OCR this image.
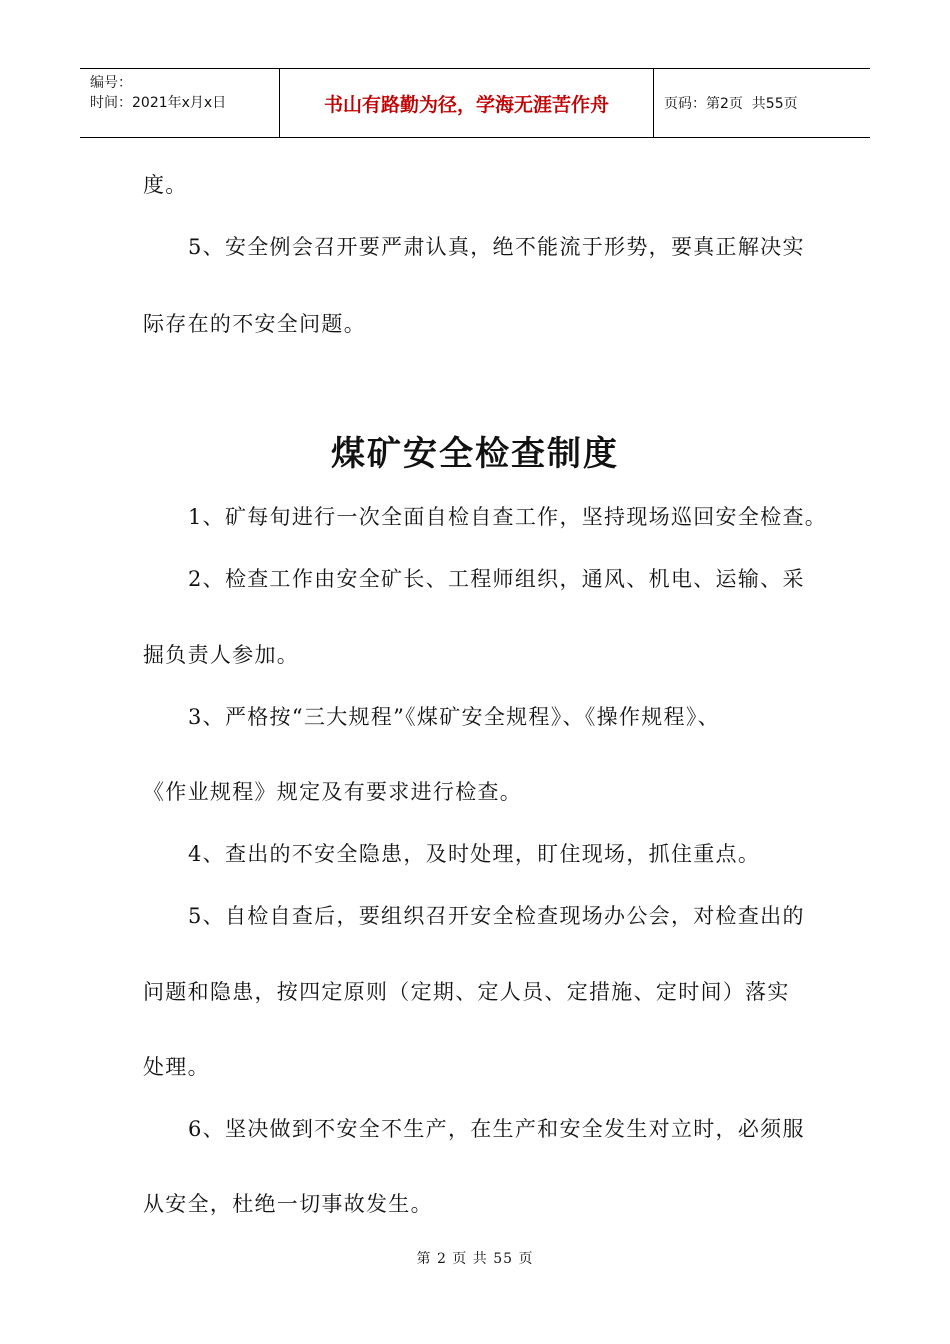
编号：
时间：2021年x月x日	书山有路勤为径，学海无涯苦作舟	页码：第2页  共55页
度。
5、安全例会召开要严肃认真，绝不能流于形势，要真正解决实
际存在的不安全问题。
煤矿安全检查制度
1、矿每旬进行一次全面自检自查工作，坚持现场巡回安全检查。
2、检查工作由安全矿长、工程师组织，通风、机电、运输、采
掘负责人参加。
3、严格按“三大规程”《煤矿安全规程》、《操作规程》、
《作业规程》规定及有要求进行检查。
4、查出的不安全隐患，及时处理，盯住现场，抓住重点。
5、自检自查后，要组织召开安全检查现场办公会，对检查出的
问题和隐患，按四定原则（定期、定人员、定措施、定时间）落实
处理。
6、坚决做到不安全不生产，在生产和安全发生对立时，必须服
从安全，杜绝一切事故发生。
第 2 页 共 55 页
